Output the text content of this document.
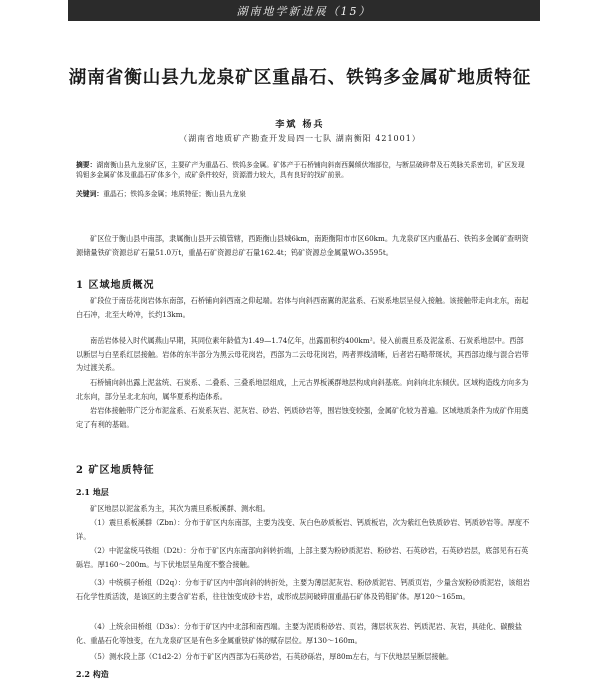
湖南地学新进展（15）
湖南省衡山县九龙泉矿区重晶石、铁钨多金属矿地质特征
李斌 杨兵
（湖南省地质矿产勘查开发局四一七队 湖南衡阳 421001）
摘要：湖南衡山县九龙泉矿区，主要矿产为重晶石、铁钨多金属。矿体产于石桥铺向斜南西翼倾伏端部位，与断层破碎带及石英脉关系密切，矿区发现钨钼多金属矿体及重晶石矿体多个，成矿条件较好，资源潜力较大，具有良好的找矿前景。
关键词：重晶石；铁钨多金属；地质特征；衡山县九龙泉

矿区位于衡山县中南部，隶属衡山县开云镇管辖，西距衡山县城6km，南距衡阳市市区60km。九龙泉矿区内重晶石、铁钨多金属矿查明资源储量铁矿资源总矿石量51.0万t，重晶石矿资源总矿石量162.4t；钨矿资源总金属量WO₃3595t。

1 区域地质概况

矿段位于南岳花岗岩体东南部，石桥铺向斜西南之仰起端。岩体与向斜西南翼的泥盆系、石炭系地层呈侵入接触。该接触带走向北东，南起白石冲，北至大岭冲，长约13km。

南岳岩体侵入时代属燕山早期，其同位素年龄值为1.49—1.74亿年，出露面积约400km²。侵入前震旦系及泥盆系、石炭系地层中。西部以断层与白垩系红层接触。岩体的东半部分为黑云母花岗岩，西部为二云母花岗岩，两者界线清晰，后者岩石略带斑状，其西部边缘与混合岩带为过渡关系。

石桥铺向斜出露上泥盆统、石炭系、二叠系、三叠系地层组成，上元古界板溪群地层构成向斜基底。向斜向北东倾伏。区域构造线方向多为北东向，部分呈北北东向，属华夏系构造体系。

岩岩体接触带广泛分布泥盆系、石炭系灰岩、泥灰岩、砂岩、钙质砂岩等，围岩蚀变较强，金属矿化较为普遍。区域地质条件为成矿作用奠定了有利的基础。

2 矿区地质特征
2.1 地层

矿区地层以泥盆系为主，其次为震旦系板溪群、测水组。

（1）震旦系板溪群（Zbn）：分布于矿区内东南部，主要为浅变、灰白色砂质板岩、钙质板岩，次为紫红色铁质砂岩、钙质砂岩等。厚度不详。

（2）中泥盆统马铁组（D2t）：分布于矿区内东南部向斜转折端，上部主要为粉砂质泥岩、粉砂岩、石英砂岩，石英砂岩层，底部见有石英砾岩。厚160～200m。与下伏地层呈角度不整合接触。

（3）中统棋子桥组（D2q）：分布于矿区内中部向斜的转折处，主要为薄层泥灰岩、粉砂质泥岩、钙质页岩，少量含炭粉砂质泥岩，该组岩石化学性质活泼，是该区的主要含矿岩系，往往蚀变成砂卡岩，或形成层间破碎面重晶石矿体及钨钼矿体。厚120～165m。

（4）上统佘田桥组（D3s）：分布于矿区内中北部和南西端。主要为泥质粉砂岩、页岩，薄层状灰岩、钙质泥岩、灰岩，具硅化、碳酸盐化、重晶石化等蚀变，在九龙泉矿区是有色多金属重铁矿体的赋存层位。厚130～160m。

（5）测水段上部（C1d2-2）分布于矿区内西部为石英砂岩，石英砂砾岩，厚80m左右，与下伏地层呈断层接触。

2.2 构造
